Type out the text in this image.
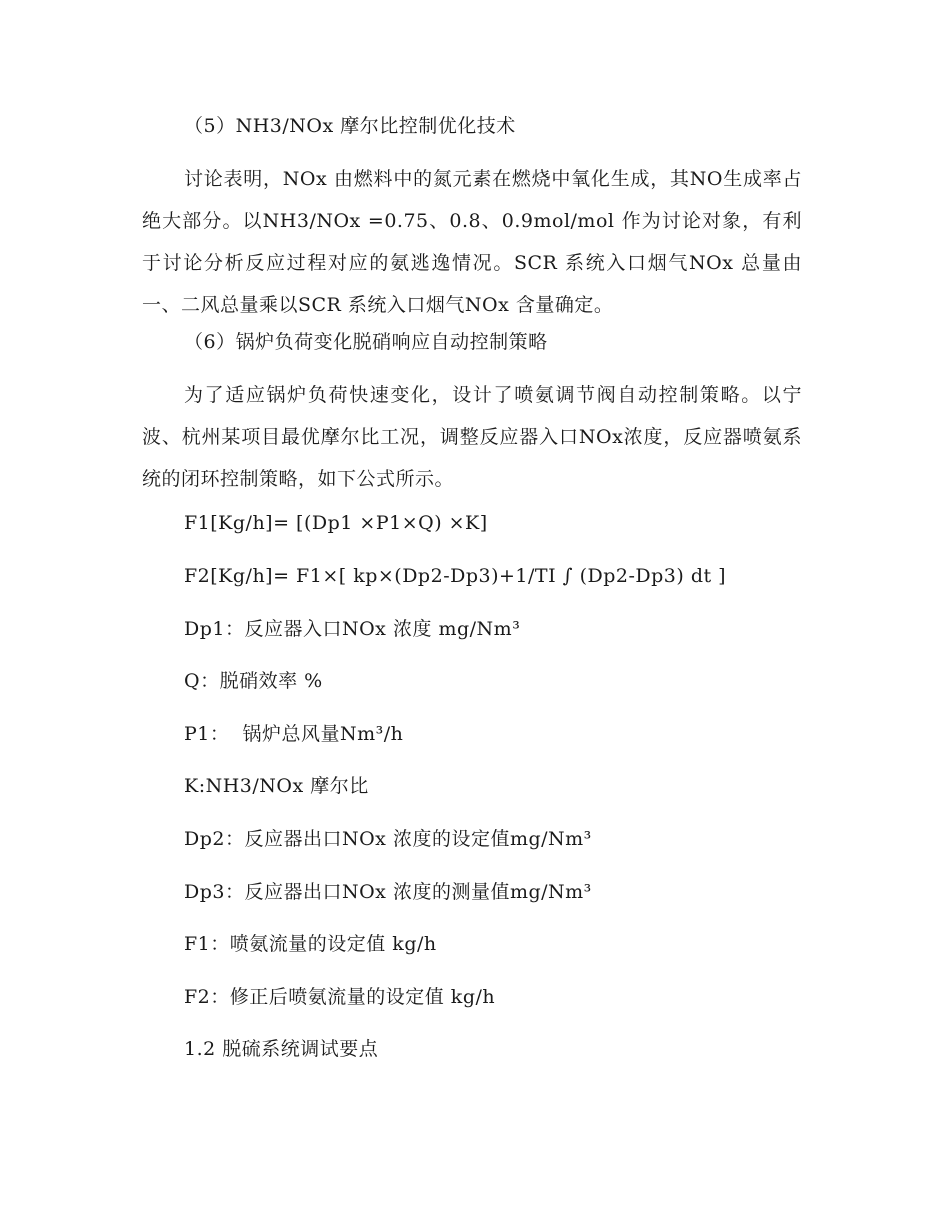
（5）NH3/NOx 摩尔比控制优化技术
讨论表明，NOx 由燃料中的氮元素在燃烧中氧化生成，其NO生成率占绝大部分。以NH3/NOx =0.75、0.8、0.9mol/mol 作为讨论对象，有利于讨论分析反应过程对应的氨逃逸情况。SCR 系统入口烟气NOx 总量由一、二风总量乘以SCR 系统入口烟气NOx 含量确定。
（6）锅炉负荷变化脱硝响应自动控制策略
为了适应锅炉负荷快速变化，设计了喷氨调节阀自动控制策略。以宁波、杭州某项目最优摩尔比工况，调整反应器入口NOx浓度，反应器喷氨系统的闭环控制策略，如下公式所示。
F1[Kg/h]= [(Dp1 ×P1×Q) ×K]
F2[Kg/h]= F1×[ kp×(Dp2-Dp3)+1/TI ∫ (Dp2-Dp3) dt ]
Dp1：反应器入口NOx 浓度 mg/Nm³
Q：脱硝效率 %
P1：  锅炉总风量Nm³/h
K:NH3/NOx 摩尔比
Dp2：反应器出口NOx 浓度的设定值mg/Nm³
Dp3：反应器出口NOx 浓度的测量值mg/Nm³
F1：喷氨流量的设定值 kg/h
F2：修正后喷氨流量的设定值 kg/h
1.2 脱硫系统调试要点
